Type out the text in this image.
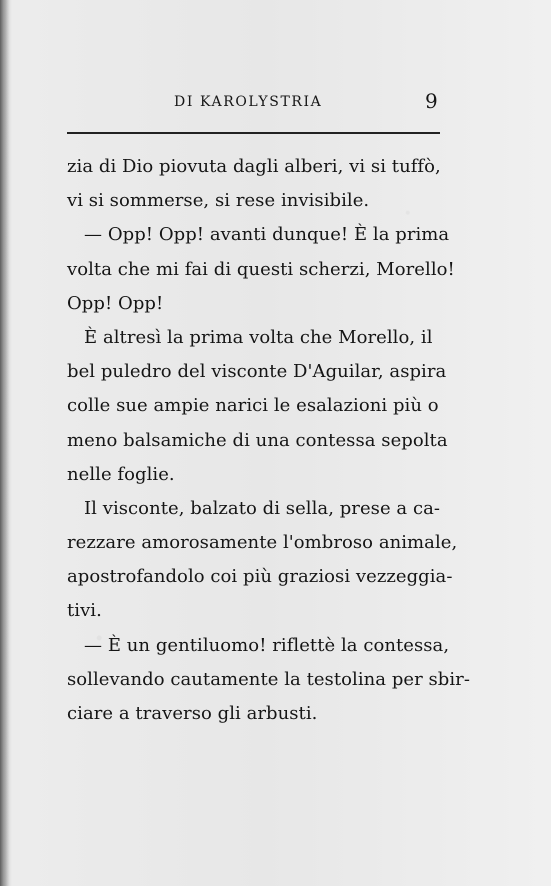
DI KAROLYSTRIA	9
zia di Dio piovuta dagli alberi, vi si tuffò,
vi si sommerse, si rese invisibile.
— Opp! Opp! avanti dunque! È la prima
volta che mi fai di questi scherzi, Morello!
Opp! Opp!
È altresì la prima volta che Morello, il
bel puledro del visconte D'Aguilar, aspira
colle sue ampie narici le esalazioni più o
meno balsamiche di una contessa sepolta
nelle foglie.
Il visconte, balzato di sella, prese a ca-
rezzare amorosamente l'ombroso animale,
apostrofandolo coi più graziosi vezzeggia-
tivi.
— È un gentiluomo! riflettè la contessa,
sollevando cautamente la testolina per sbir-
ciare a traverso gli arbusti.
